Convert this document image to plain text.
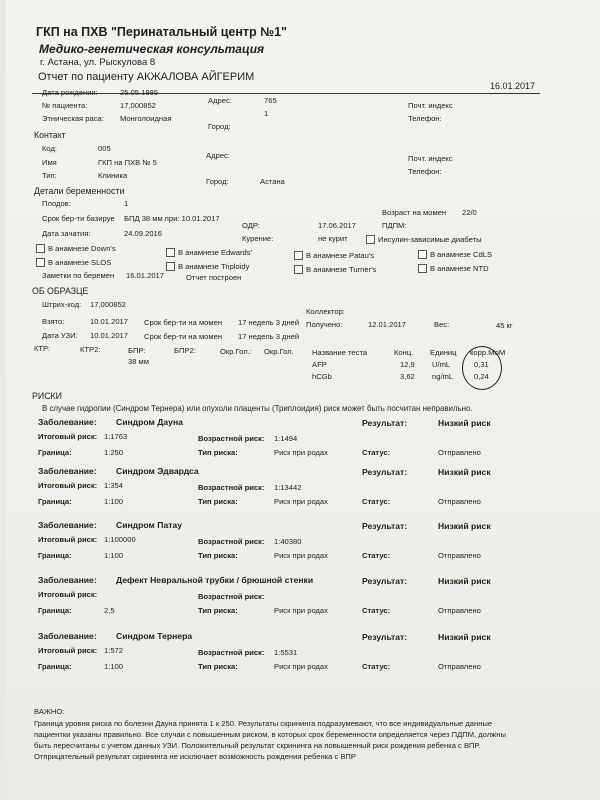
ГКП на ПХВ "Перинатальный центр №1"
Медико-генетическая консультация
г. Астана, ул. Рыскулова 8
Отчет по пациенту АКЖАЛОВА АЙГЕРИМ
16.01.2017
Дата рождения:	25.05.1995
№ пациента:	17,000852
Этническая раса: Монголоидная
Адрес:	765
1
Город:
Почт. индекс
Телефон:
Контакт
Код:	005
Имя	ГКП на ПХВ № 5
Тип:	Клиника
Адрес:
Город:	Астана
Почт. индекс
Телефон:
Детали беременности
Плодов:	1
Срок бер-ти базируе БПД 38 мм при: 10.01.2017
Дата зачатия:	24.09.2016
ОДР:	17.06.2017
Курение:	не курит
Возраст на момен 22/0
ПДПМ:
Инсулин-зависимые диабеты
В анамнезе Down's	В анамнезе Edwards'	В анамнезе Patau's	В анамнезе CdLS
В анамнезе SLOS	В анамнезе Triploidy	В анамнезе Turner's	В анамнезе NTD
Заметки по беремен 16.01.2017	Отчет построен
ОБ ОБРАЗЦЕ
Штрих-код: 17,000852
Коллектор:
Взято:	10.01.2017 Срок бер-ти на момен 17 недель 3 дней Получено:	12.01.2017	Вес:	45 кг
Дата УЗИ: 10.01.2017 Срок бер-ти на момен 17 недель 3 дней
КТР:	КТР2:	БПР:
38 мм
БПР2:	Окр.Гол.: Окр.Гол. Название теста	Конц. Единиц корр.МоМ
AFP	12,9 U/mL	0,31
hCGb	3,62 ng/mL	0,24
РИСКИ
В случае гидропии (Синдром Тернера) или опухоли плаценты (Триплоидия) риск может быть посчитан неправильно.
Заболевание: Синдром Дауна
Итоговый риск: 1:1763
Граница:	1:250
Возрастной риск: 1:1494
Тип риска:	Риск при родах
Результат:	Низкий риск
Статус:	Отправлено
Заболевание: Синдром Эдвардса
Итоговый риск: 1:354
Граница:	1:100
Возрастной риск: 1:13442
Тип риска:	Риск при родах
Результат:	Низкий риск
Статус:	Отправлено
Заболевание: Синдром Патау
Итоговый риск: 1:100000
Граница:	1:100
Возрастной риск: 1:40380
Тип риска:	Риск при родах
Результат:	Низкий риск
Статус:	Отправлено
Заболевание: Дефект Невральной трубки / брюшной стенки
Итоговый риск:
Граница:	2,5
Возрастной риск:
Тип риска:	Риск при родах
Результат:	Низкий риск
Статус:	Отправлено
Заболевание: Синдром Тернера
Итоговый риск: 1:572
Граница:	1:100
Возрастной риск: 1:5531
Тип риска:	Риск при родах
Результат:	Низкий риск
Статус:	Отправлено
ВАЖНО:
Граница уровня риска по болезни Дауна принята 1 к 250. Результаты скрининга подразумевают, что все индивидуальные данные
пациентки указаны правильно. Все случаи с повышенным риском, в которых срок беременности определяется через ПДПМ, должны
быть пересчитаны с учетом данных УЗИ. Положительный результат скрининга на повышенный риск рождения ребенка с ВПР.
Отприцательный результат скрининга не исключает возможность рождения ребенка с ВПР
